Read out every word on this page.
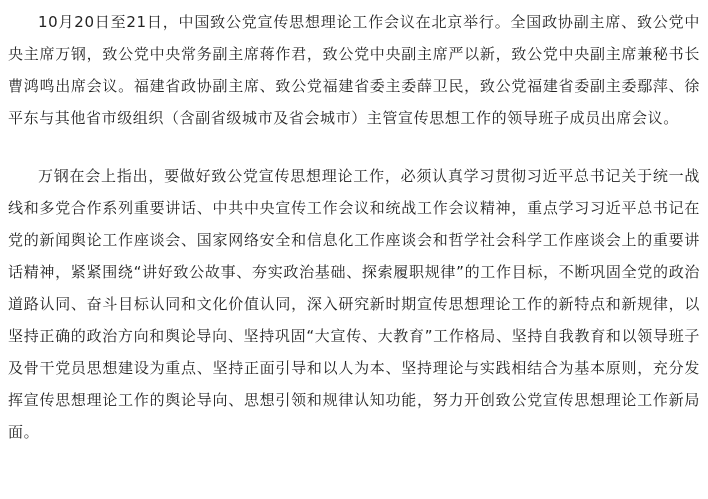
10月20日至21日，中国致公党宣传思想理论工作会议在北京举行。全国政协副主席、致公党中央主席万钢，致公党中央常务副主席蒋作君，致公党中央副主席严以新，致公党中央副主席兼秘书长曹鸿鸣出席会议。福建省政协副主席、致公党福建省委主委薛卫民，致公党福建省委副主委鄢萍、徐平东与其他省市级组织（含副省级城市及省会城市）主管宣传思想工作的领导班子成员出席会议。

万钢在会上指出，要做好致公党宣传思想理论工作，必须认真学习贯彻习近平总书记关于统一战线和多党合作系列重要讲话、中共中央宣传工作会议和统战工作会议精神，重点学习习近平总书记在党的新闻舆论工作座谈会、国家网络安全和信息化工作座谈会和哲学社会科学工作座谈会上的重要讲话精神，紧紧围绕“讲好致公故事、夯实政治基础、探索履职规律”的工作目标，不断巩固全党的政治道路认同、奋斗目标认同和文化价值认同，深入研究新时期宣传思想理论工作的新特点和新规律，以坚持正确的政治方向和舆论导向、坚持巩固“大宣传、大教育”工作格局、坚持自我教育和以领导班子及骨干党员思想建设为重点、坚持正面引导和以人为本、坚持理论与实践相结合为基本原则，充分发挥宣传思想理论工作的舆论导向、思想引领和规律认知功能，努力开创致公党宣传思想理论工作新局面。
